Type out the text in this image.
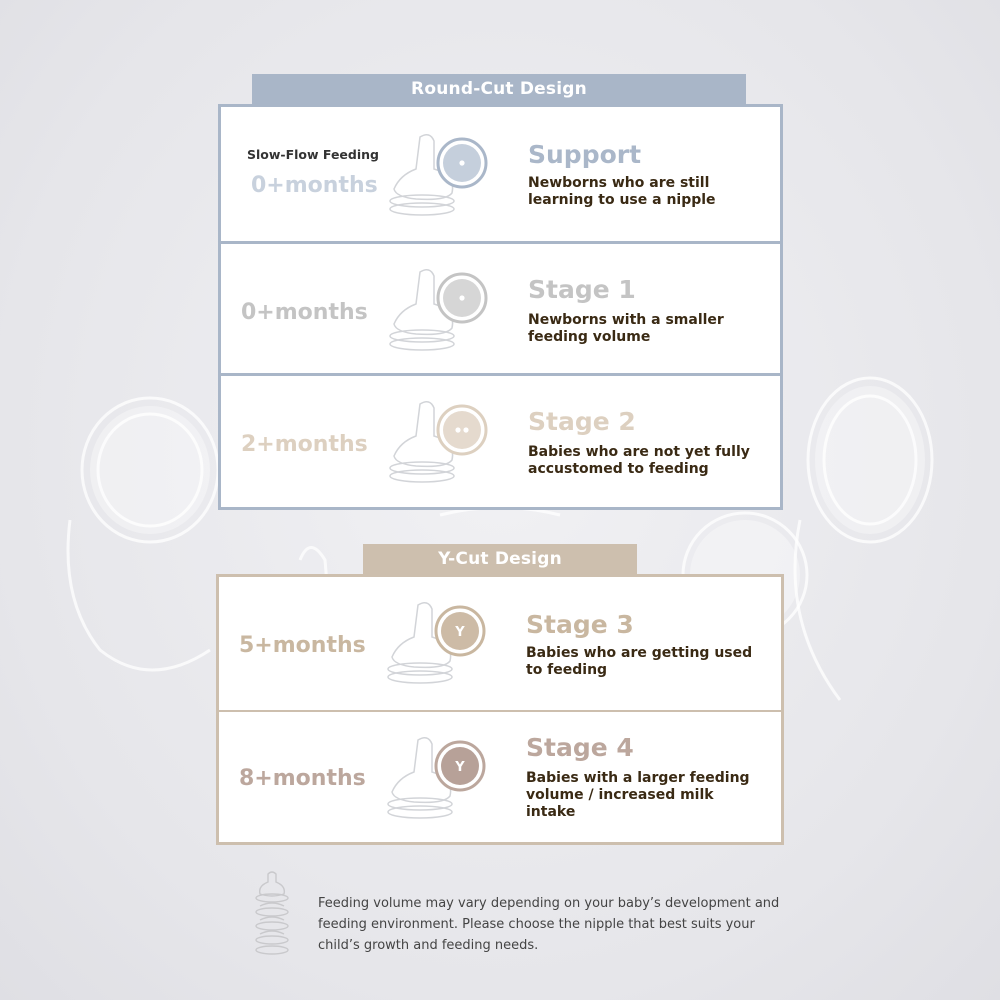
Round-Cut Design
Slow-Flow Feeding
0+months
Support
Newborns who are still learning to use a nipple
0+months
Stage 1
Newborns with a smaller feeding volume
2+months
Stage 2
Babies who are not yet fully accustomed to feeding
Y-Cut Design
5+months
Y Stage 3
Babies who are getting used to feeding
8+months	Y
Stage 4
Babies with a larger feeding volume / increased milk intake
Feeding volume may vary depending on your baby’s development and feeding environment. Please choose the nipple that best suits your child’s growth and feeding needs.
